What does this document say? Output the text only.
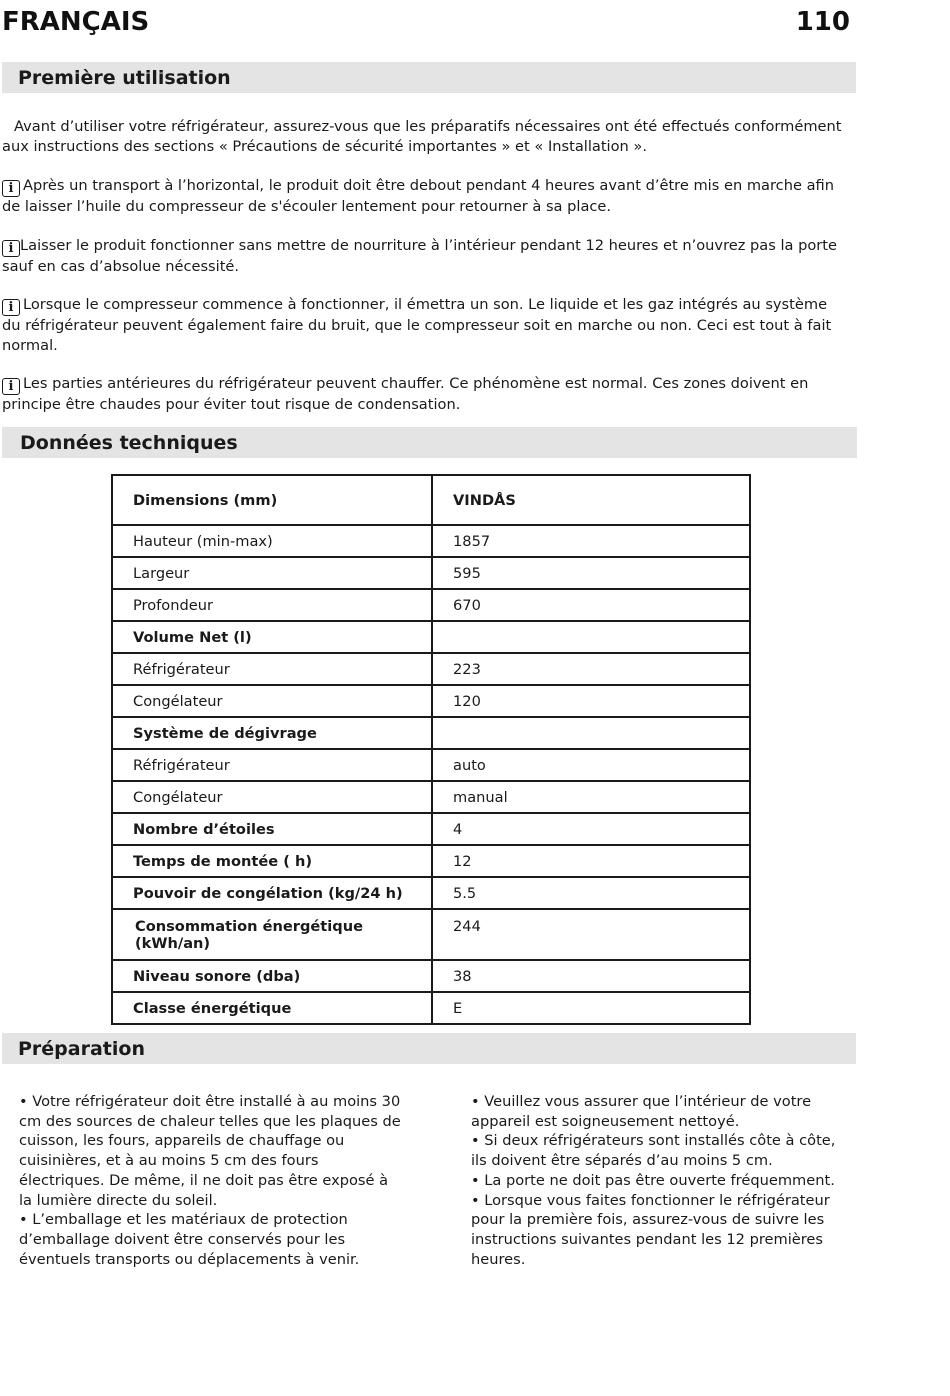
FRANÇAIS	110
Première utilisation

Avant d’utiliser votre réfrigérateur, assurez-vous que les préparatifs nécessaires ont été effectués conformément aux instructions des sections « Précautions de sécurité importantes » et « Installation ».

i Après un transport à l’horizontal, le produit doit être debout pendant 4 heures avant d’être mis en marche afin de laisser l’huile du compresseur de s'écouler lentement pour retourner à sa place.

i Laisser le produit fonctionner sans mettre de nourriture à l’intérieur pendant 12 heures et n’ouvrez pas la porte sauf en cas d’absolue nécessité.

i Lorsque le compresseur commence à fonctionner, il émettra un son. Le liquide et les gaz intégrés au système du réfrigérateur peuvent également faire du bruit, que le compresseur soit en marche ou non. Ceci est tout à fait normal.

i Les parties antérieures du réfrigérateur peuvent chauffer. Ce phénomène est normal. Ces zones doivent en principe être chaudes pour éviter tout risque de condensation.

Données techniques
Dimensions (mm)	VINDÅS
Hauteur (min-max)	1857
Largeur	595
Profondeur	670
Volume Net (l)	
Réfrigérateur	223
Congélateur	120
Système de dégivrage	
Réfrigérateur	auto
Congélateur	manual
Nombre d’étoiles	4
Temps de montée ( h)	12
Pouvoir de congélation (kg/24 h)	5.5
Consommation énergétique (kWh/an)	244
Niveau sonore (dba)	38
Classe énergétique	E
Préparation

• Votre réfrigérateur doit être installé à au moins 30 cm des sources de chaleur telles que les plaques de cuisson, les fours, appareils de chauffage ou cuisinières, et à au moins 5 cm des fours électriques. De même, il ne doit pas être exposé à la lumière directe du soleil.

• L’emballage et les matériaux de protection d’emballage doivent être conservés pour les éventuels transports ou déplacements à venir.

• Veuillez vous assurer que l’intérieur de votre appareil est soigneusement nettoyé.

• Si deux réfrigérateurs sont installés côte à côte, ils doivent être séparés d’au moins 5 cm.

• La porte ne doit pas être ouverte fréquemment.

• Lorsque vous faites fonctionner le réfrigérateur pour la première fois, assurez-vous de suivre les instructions suivantes pendant les 12 premières heures.
